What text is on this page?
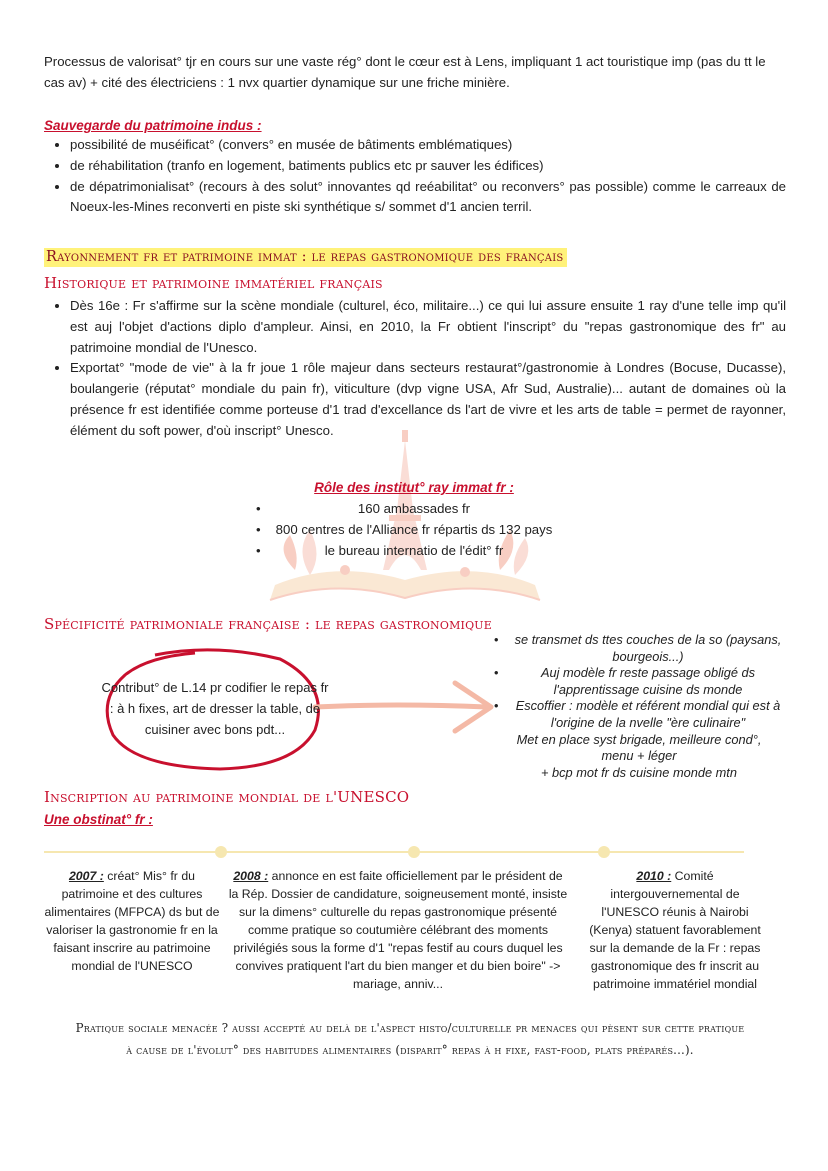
Processus de valorisat° tjr en cours sur une vaste rég° dont le cœur est à Lens, impliquant 1 act touristique imp (pas du tt le cas av) + cité des électriciens : 1 nvx quartier dynamique sur une friche minière.
Sauvegarde du patrimoine indus :
• possibilité de muséificat° (convers° en musée de bâtiments emblématiques)
• de réhabilitation (tranfo en logement, batiments publics etc pr sauver les édifices)
• de dépatrimonialisat° (recours à des solut° innovantes qd reéabilitat° ou reconvers° pas possible) comme le carreaux de Noeux-les-Mines reconverti en piste ski synthétique s/ sommet d'1 ancien terril.
Rayonnement fr et patrimoine immat : le repas gastronomique des français
Historique et patrimoine immatériel français
• Dès 16e : Fr s'affirme sur la scène mondiale (culturel, éco, militaire...) ce qui lui assure ensuite 1 ray d'une telle imp qu'il est auj l'objet d'actions diplo d'ampleur. Ainsi, en 2010, la Fr obtient l'inscript° du "repas gastronomique des fr" au patrimoine mondial de l'Unesco.
• Exportat° "mode de vie" à la fr joue 1 rôle majeur dans secteurs restaurat°/gastronomie à Londres (Bocuse, Ducasse), boulangerie (réputat° mondiale du pain fr), viticulture (dvp vigne USA, Afr Sud, Australie)... autant de domaines où la présence fr est identifiée comme porteuse d'1 trad d'excellance ds l'art de vivre et les arts de table = permet de rayonner, élément du soft power, d'où inscript° Unesco.
Rôle des institut° ray immat fr :
•	160 ambassades fr
• 800 centres de l'Alliance fr répartis ds 132 pays
•	le bureau internatio de l'édit° fr
Spécificité patrimoniale française : le repas gastronomique
Contribut° de L.14 pr codifier le repas fr : à h fixes, art de dresser la table, de cuisiner avec bons pdt...
• se transmet ds ttes couches de la so (paysans, bourgeois...)
•	Auj modèle fr reste passage obligé ds l'apprentissage cuisine ds monde
• Escoffier : modèle et référent mondial qui est à l'origine de la nvelle "ère culinaire"
Met en place syst brigade, meilleure cond°,
menu + léger
+ bcp mot fr ds cuisine monde mtn
Inscription au patrimoine mondial de l'UNESCO
Une obstinat° fr :
2007 : créat° Mis° fr du patrimoine et des cultures alimentaires (MFPCA) ds but de valoriser la gastronomie fr en la faisant inscrire au patrimoine mondial de l'UNESCO
2008 : annonce en est faite officiellement par le président de la Rép. Dossier de candidature, soigneusement monté, insiste sur la dimens° culturelle du repas gastronomique présenté comme pratique so coutumière célébrant des moments privilégiés sous la forme d'1 "repas festif au cours duquel les convives pratiquent l'art du bien manger et du bien boire" -> mariage, anniv...
2010 : Comité intergouvernemental de l'UNESCO réunis à Nairobi (Kenya) statuent favorablement sur la demande de la Fr : repas gastronomique des fr inscrit au patrimoine immatériel mondial
Pratique sociale menacée ? aussi accepté au delà de l'aspect histo/culturelle pr menaces qui pèsent sur cette pratique
à cause de l'évolut° des habitudes alimentaires (disparit° repas à h fixe, fast-food, plats préparés...).
